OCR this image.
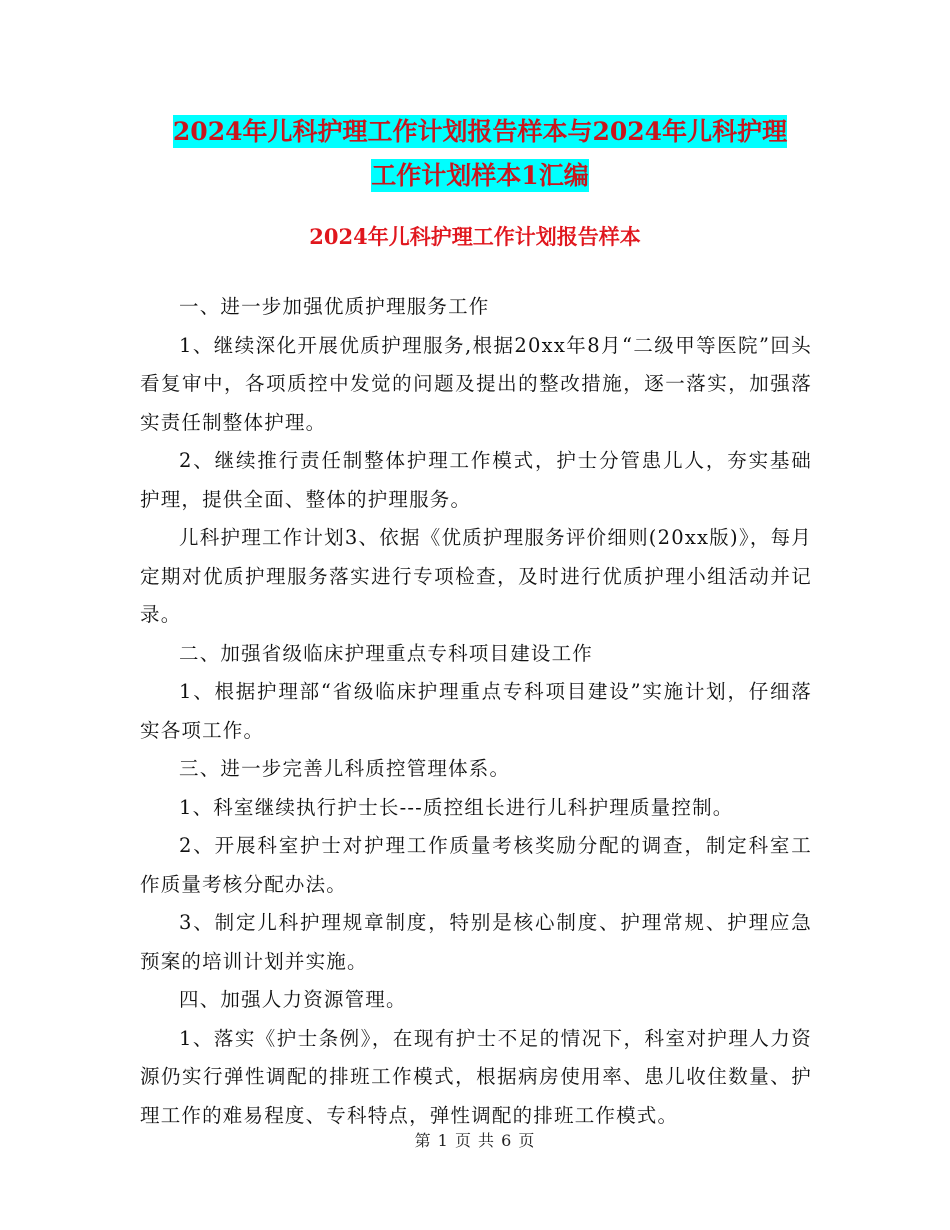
2024年儿科护理工作计划报告样本与2024年儿科护理
工作计划样本1汇编
2024年儿科护理工作计划报告样本

一、进一步加强优质护理服务工作

1、继续深化开展优质护理服务,根据20xx年8月“二级甲等医院”回头看复审中，各项质控中发觉的问题及提出的整改措施，逐一落实，加强落实责任制整体护理。

2、继续推行责任制整体护理工作模式，护士分管患儿人，夯实基础护理，提供全面、整体的护理服务。

儿科护理工作计划3、依据《优质护理服务评价细则(20xx版)》，每月定期对优质护理服务落实进行专项检查，及时进行优质护理小组活动并记录。

二、加强省级临床护理重点专科项目建设工作

1、根据护理部“省级临床护理重点专科项目建设”实施计划，仔细落实各项工作。

三、进一步完善儿科质控管理体系。

1、科室继续执行护士长---质控组长进行儿科护理质量控制。

2、开展科室护士对护理工作质量考核奖励分配的调查，制定科室工作质量考核分配办法。

3、制定儿科护理规章制度，特别是核心制度、护理常规、护理应急预案的培训计划并实施。

四、加强人力资源管理。

1、落实《护士条例》，在现有护士不足的情况下，科室对护理人力资源仍实行弹性调配的排班工作模式，根据病房使用率、患儿收住数量、护理工作的难易程度、专科特点，弹性调配的排班工作模式。

第 1 页 共 6 页
